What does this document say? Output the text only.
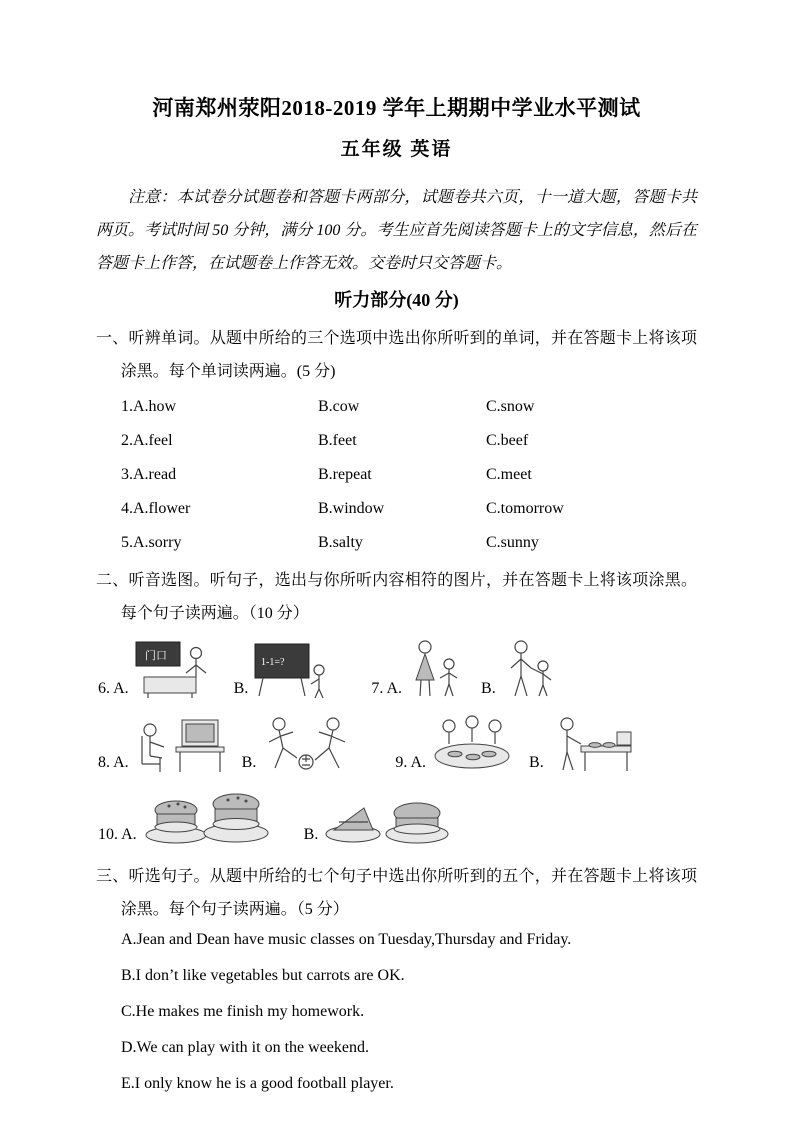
河南郑州荥阳2018-2019 学年上期期中学业水平测试
五年级 英语

注意：本试卷分试题卷和答题卡两部分，试题卷共六页，十一道大题，答题卡共两页。考试时间 50 分钟，满分 100 分。考生应首先阅读答题卡上的文字信息，然后在答题卡上作答，在试题卷上作答无效。交卷时只交答题卡。

听力部分(40 分)

一、听辨单词。从题中所给的三个选项中选出你所听到的单词，并在答题卡上将该项涂黑。每个单词读两遍。(5 分)

1.A.how	B.cow	C.snow
2.A.feel	B.feet	C.beef
3.A.read	B.repeat	C.meet
4.A.flower	B.window	C.tomorrow
5.A.sorry	B.salty	C.sunny

二、听音选图。听句子，选出与你所听内容相符的图片，并在答题卡上将该项涂黑。每个句子读两遍。（10 分）

6. A.
门口
B.
1-1=?
7. A.	B.
8. A.	B.	9. A.	B.
10. A.	B.

三、听选句子。从题中所给的七个句子中选出你所听到的五个，并在答题卡上将该项涂黑。每个句子读两遍。（5 分）

A.Jean and Dean have music classes on Tuesday,Thursday and Friday.

B.I don’t like vegetables but carrots are OK.

C.He makes me finish my homework.

D.We can play with it on the weekend.

E.I only know he is a good football player.
